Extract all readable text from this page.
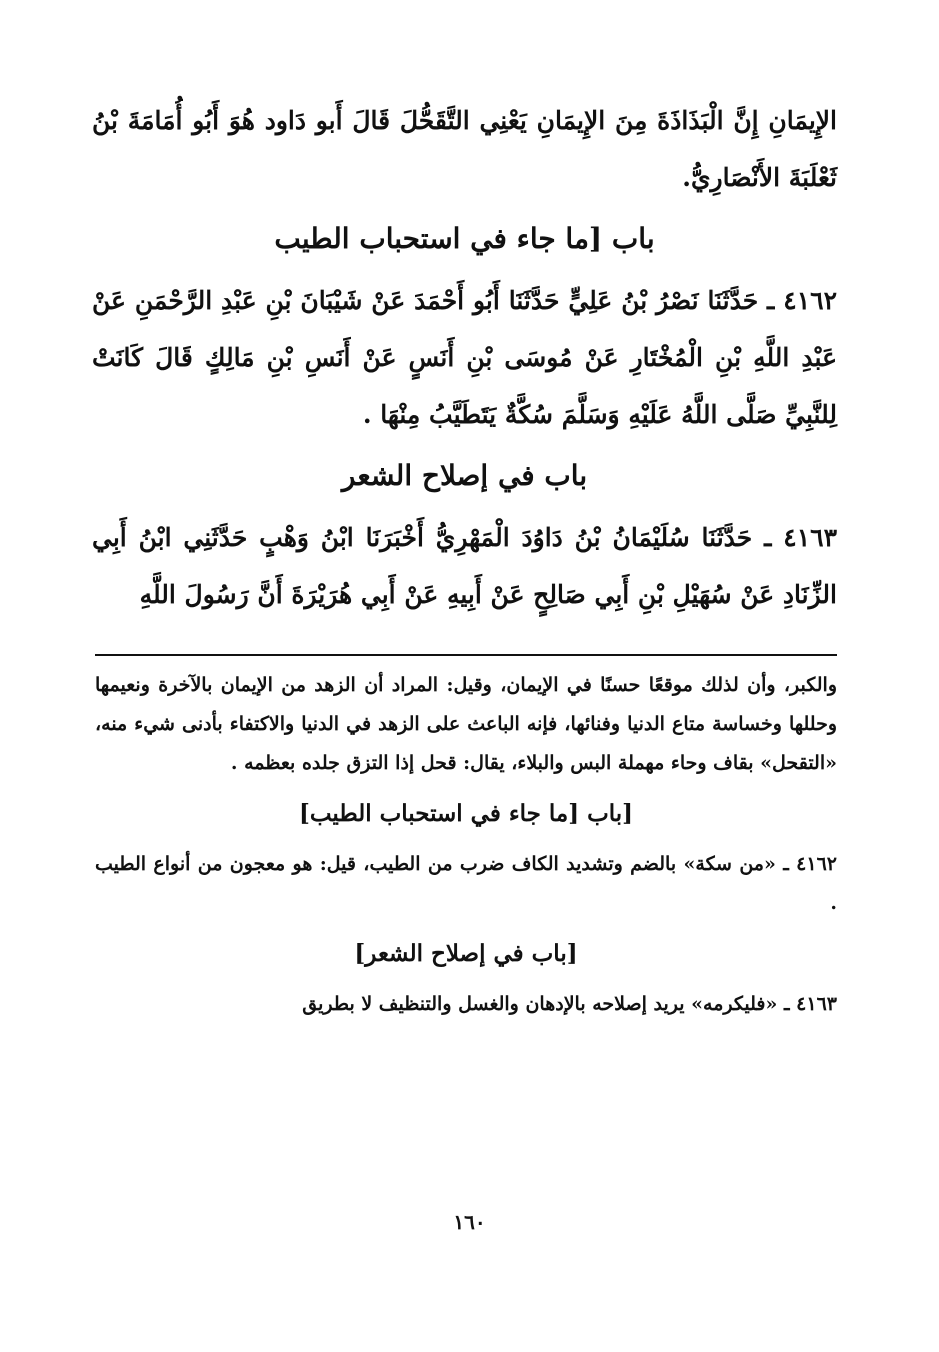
الإِيمَانِ إِنَّ الْبَذَاذَةَ مِنَ الإِيمَانِ يَعْنِي التَّقَحُّلَ قَالَ أَبو دَاود هُوَ أَبُو أُمَامَةَ بْنُ ثَعْلَبَةَ الأَنْصَارِيُّ.

باب [ما جاء في استحباب الطيب

٤١٦٢ ـ حَدَّثَنَا نَصْرُ بْنُ عَلِيٍّ حَدَّثَنَا أَبُو أَحْمَدَ عَنْ شَيْبَانَ بْنِ عَبْدِ الرَّحْمَنِ عَنْ عَبْدِ اللَّهِ بْنِ الْمُخْتَارِ عَنْ مُوسَى بْنِ أَنَسٍ عَنْ أَنَسِ بْنِ مَالِكٍ قَالَ كَانَتْ لِلنَّبِيِّ صَلَّى اللَّهُ عَلَيْهِ وَسَلَّمَ سُكَّةٌ يَتَطَيَّبُ مِنْهَا .

باب في إصلاح الشعر

٤١٦٣ ـ حَدَّثَنَا سُلَيْمَانُ بْنُ دَاوُدَ الْمَهْرِيُّ أَخْبَرَنَا ابْنُ وَهْبٍ حَدَّثَنِي ابْنُ أَبِي الزِّنَادِ عَنْ سُهَيْلِ بْنِ أَبِي صَالِحٍ عَنْ أَبِيهِ عَنْ أَبِي هُرَيْرَةَ أَنَّ رَسُولَ اللَّهِ

والكبر، وأن لذلك موقعًا حسنًا في الإيمان، وقيل: المراد أن الزهد من الإيمان بالآخرة ونعيمها وحللها وخساسة متاع الدنيا وفنائها، فإنه الباعث على الزهد في الدنيا والاكتفاء بأدنى شيء منه، «التقحل» بقاف وحاء مهملة البس والبلاء، يقال: قحل إذا التزق جلده بعظمه .

[باب [ما جاء في استحباب الطيب]

٤١٦٢ ـ «من سكة» بالضم وتشديد الكاف ضرب من الطيب، قيل: هو معجون من أنواع الطيب .

[باب في إصلاح الشعر]

٤١٦٣ ـ «فليكرمه» يريد إصلاحه بالإدهان والغسل والتنظيف لا بطريق

١٦٠
